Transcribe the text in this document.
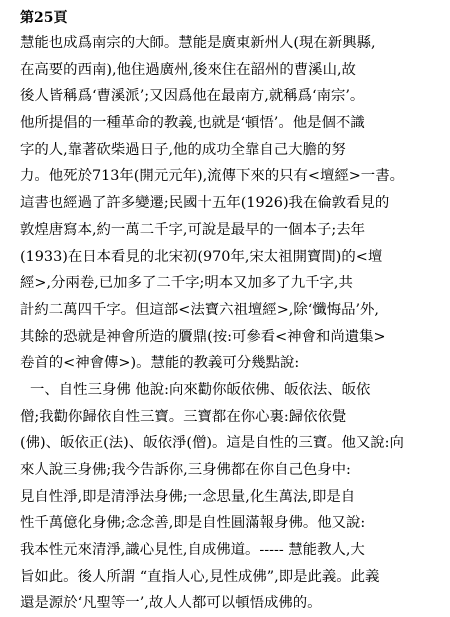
第25頁
慧能也成爲南宗的大師。慧能是廣東新州人(現在新興縣,
在高要的西南),他住過廣州,後來住在韶州的曹溪山,故
後人皆稱爲‘曹溪派’;又因爲他在最南方,就稱爲‘南宗’。
他所提倡的一種革命的教義,也就是‘頓悟’。他是個不識
字的人,靠著砍柴過日子,他的成功全靠自己大膽的努
力。他死於713年(開元元年),流傳下來的只有<壇經>一書。
這書也經過了許多變遷;民國十五年(1926)我在倫敦看見的
敦煌唐寫本,約一萬二千字,可說是最早的一個本子;去年
(1933)在日本看見的北宋初(970年,宋太祖開寶間)的<壇
經>,分兩卷,已加多了二千字;明本又加多了九千字,共
計約二萬四千字。但這部<法寶六祖壇經>,除‘懺悔品’外,
其餘的恐就是神會所造的贗鼎(按:可參看<神會和尚遺集>
卷首的<神會傳>)。慧能的教義可分幾點說:
一、自性三身佛 他說:向來勸你皈依佛、皈依法、皈依
僧;我勸你歸依自性三寶。三寶都在你心裏:歸依依覺
(佛)、皈依正(法)、皈依淨(僧)。這是自性的三寶。他又說:向
來人說三身佛;我今告訴你,三身佛都在你自己色身中:
見自性淨,即是清淨法身佛;一念思量,化生萬法,即是自
性千萬億化身佛;念念善,即是自性圓滿報身佛。他又說:
我本性元來清淨,識心見性,自成佛道。----- 慧能教人,大
旨如此。後人所謂 “直指人心,見性成佛”,即是此義。此義
還是源於‘凡聖等一’,故人人都可以頓悟成佛的。
